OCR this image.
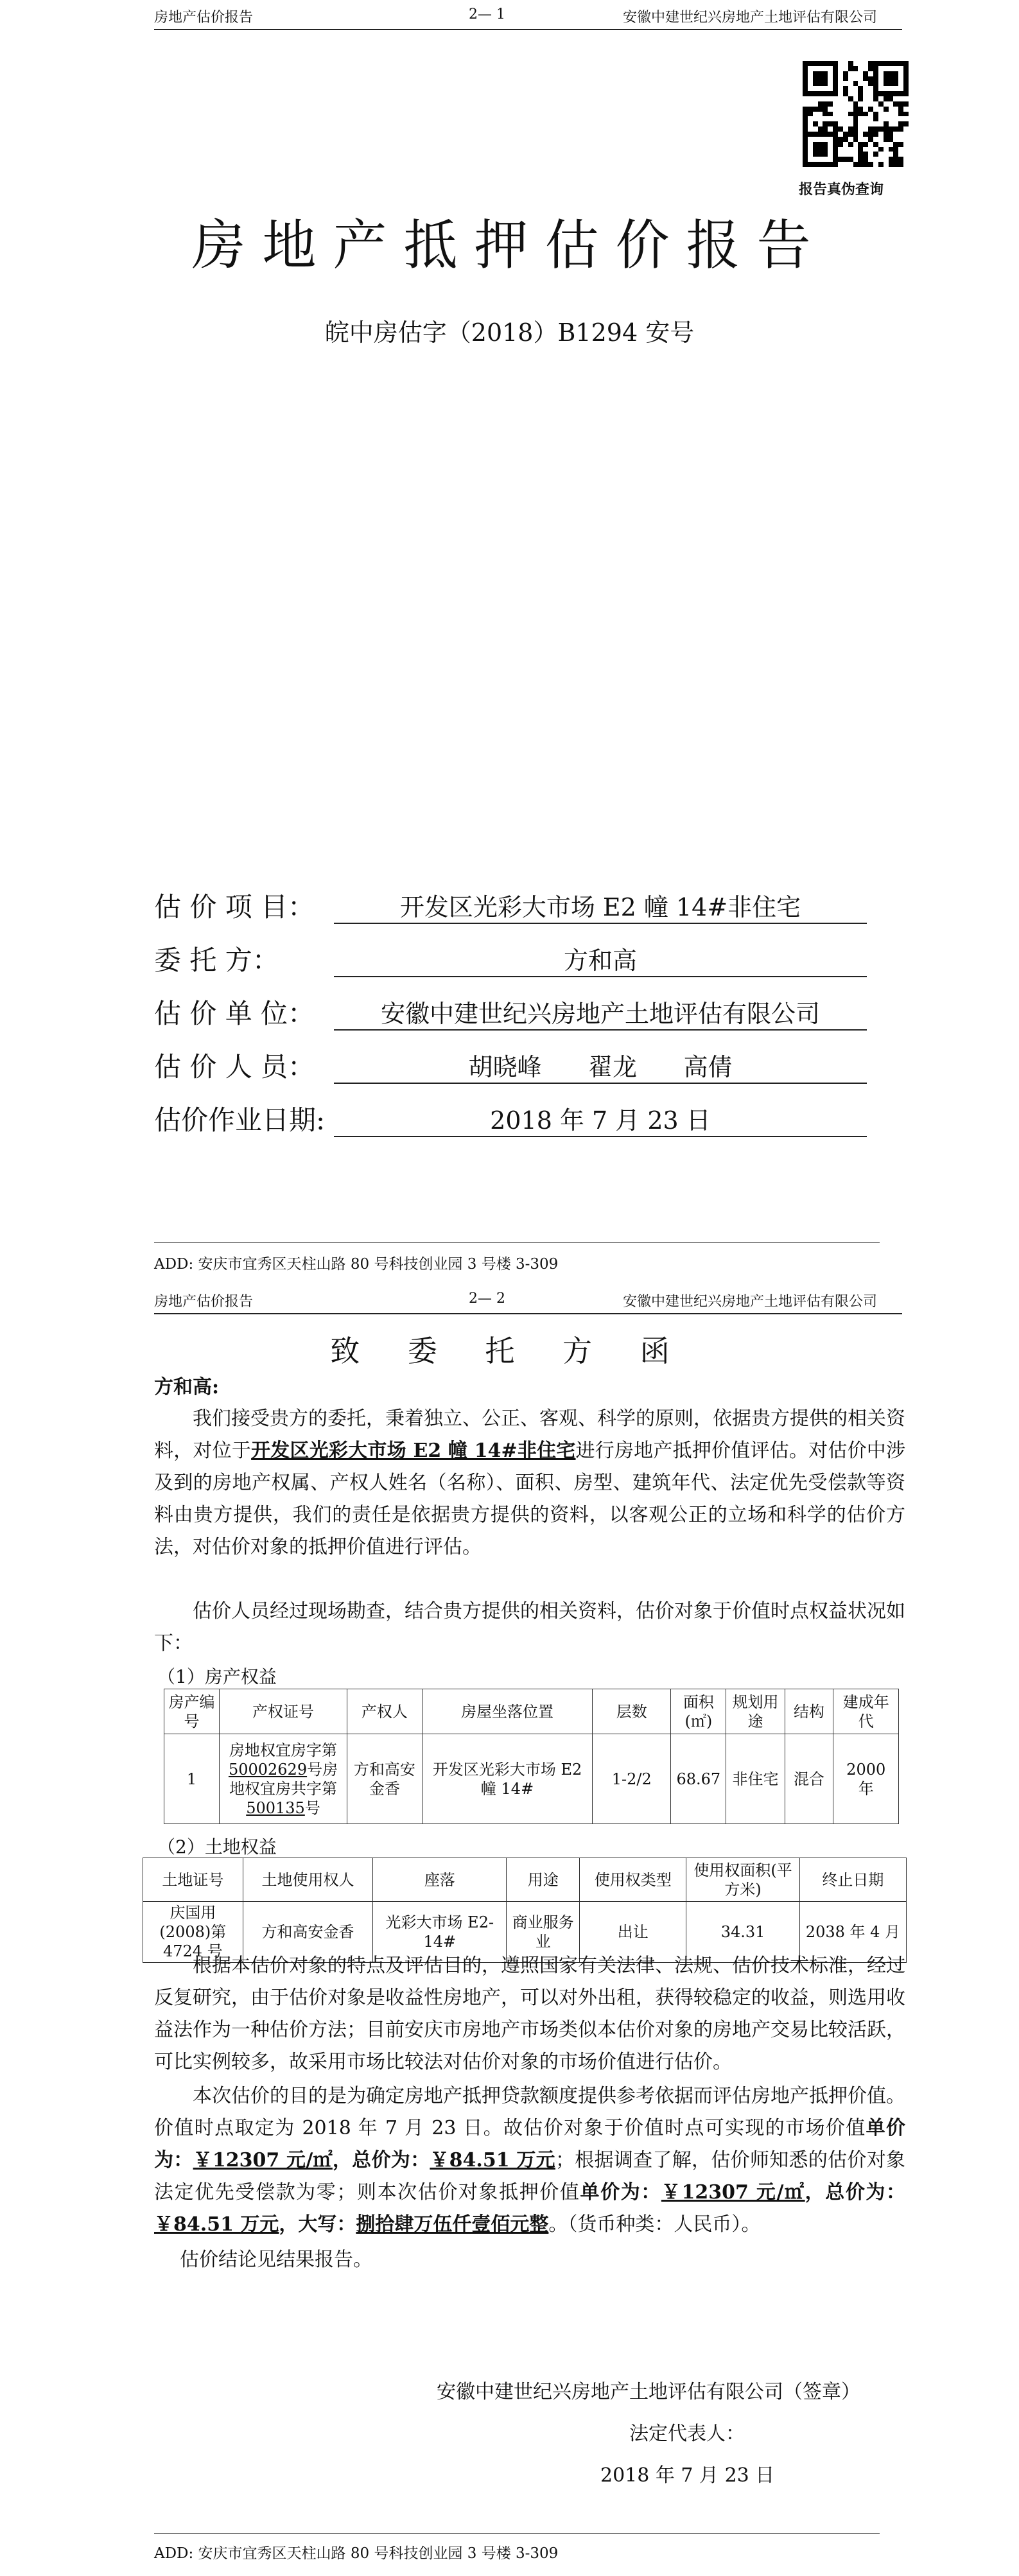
房地产估价报告	2— 1	安徽中建世纪兴房地产土地评估有限公司
报告真伪查询
房地产抵押估价报告
皖中房估字（2018）B1294 安号
估 价 项 目：	开发区光彩大市场 E2 幢 14#非住宅
委 托 方：	方和高
估 价 单 位：	安徽中建世纪兴房地产土地评估有限公司
估 价 人 员：	胡晓峰      翟龙      高倩
估价作业日期:	2018 年 7 月 23 日
ADD: 安庆市宜秀区天柱山路 80 号科技创业园 3 号楼 3-309
房地产估价报告	2— 2	安徽中建世纪兴房地产土地评估有限公司
致 委 托 方 函
方和高:
我们接受贵方的委托，秉着独立、公正、客观、科学的原则，依据贵方提供的相关资料，对位于开发区光彩大市场 E2 幢 14#非住宅进行房地产抵押价值评估。对估价中涉及到的房地产权属、产权人姓名（名称）、面积、房型、建筑年代、法定优先受偿款等资料由贵方提供，我们的责任是依据贵方提供的资料，以客观公正的立场和科学的估价方法，对估价对象的抵押价值进行评估。
估价人员经过现场勘查，结合贵方提供的相关资料，估价对象于价值时点权益状况如下：
（1）房产权益
房产编号	产权证号	产权人	房屋坐落位置	层数	面积(㎡)	规划用途	结构	建成年代
1	房地权宜房字第50002629号房地权宜房共字第500135号	方和高安金香	开发区光彩大市场 E2 幢 14#	1-2/2	68.67	非住宅	混合	2000 年
（2）土地权益
土地证号	土地使用权人	座落	用途	使用权类型	使用权面积(平方米)	终止日期
庆国用(2008)第 4724 号	方和高安金香	光彩大市场 E2-14#	商业服务业	出让	34.31	2038 年 4 月
根据本估价对象的特点及评估目的，遵照国家有关法律、法规、估价技术标准，经过反复研究，由于估价对象是收益性房地产，可以对外出租，获得较稳定的收益，则选用收益法作为一种估价方法；目前安庆市房地产市场类似本估价对象的房地产交易比较活跃，可比实例较多，故采用市场比较法对估价对象的市场价值进行估价。
本次估价的目的是为确定房地产抵押贷款额度提供参考依据而评估房地产抵押价值。价值时点取定为 2018 年 7 月 23 日。故估价对象于价值时点可实现的市场价值单价为：￥12307 元/㎡，总价为：￥84.51 万元；根据调查了解，估价师知悉的估价对象法定优先受偿款为零；则本次估价对象抵押价值单价为：￥12307 元/㎡，总价为：￥84.51 万元，大写：捌拾肆万伍仟壹佰元整。（货币种类：人民币）。
估价结论见结果报告。
安徽中建世纪兴房地产土地评估有限公司（签章）
法定代表人：
2018 年 7 月 23 日
ADD: 安庆市宜秀区天柱山路 80 号科技创业园 3 号楼 3-309
